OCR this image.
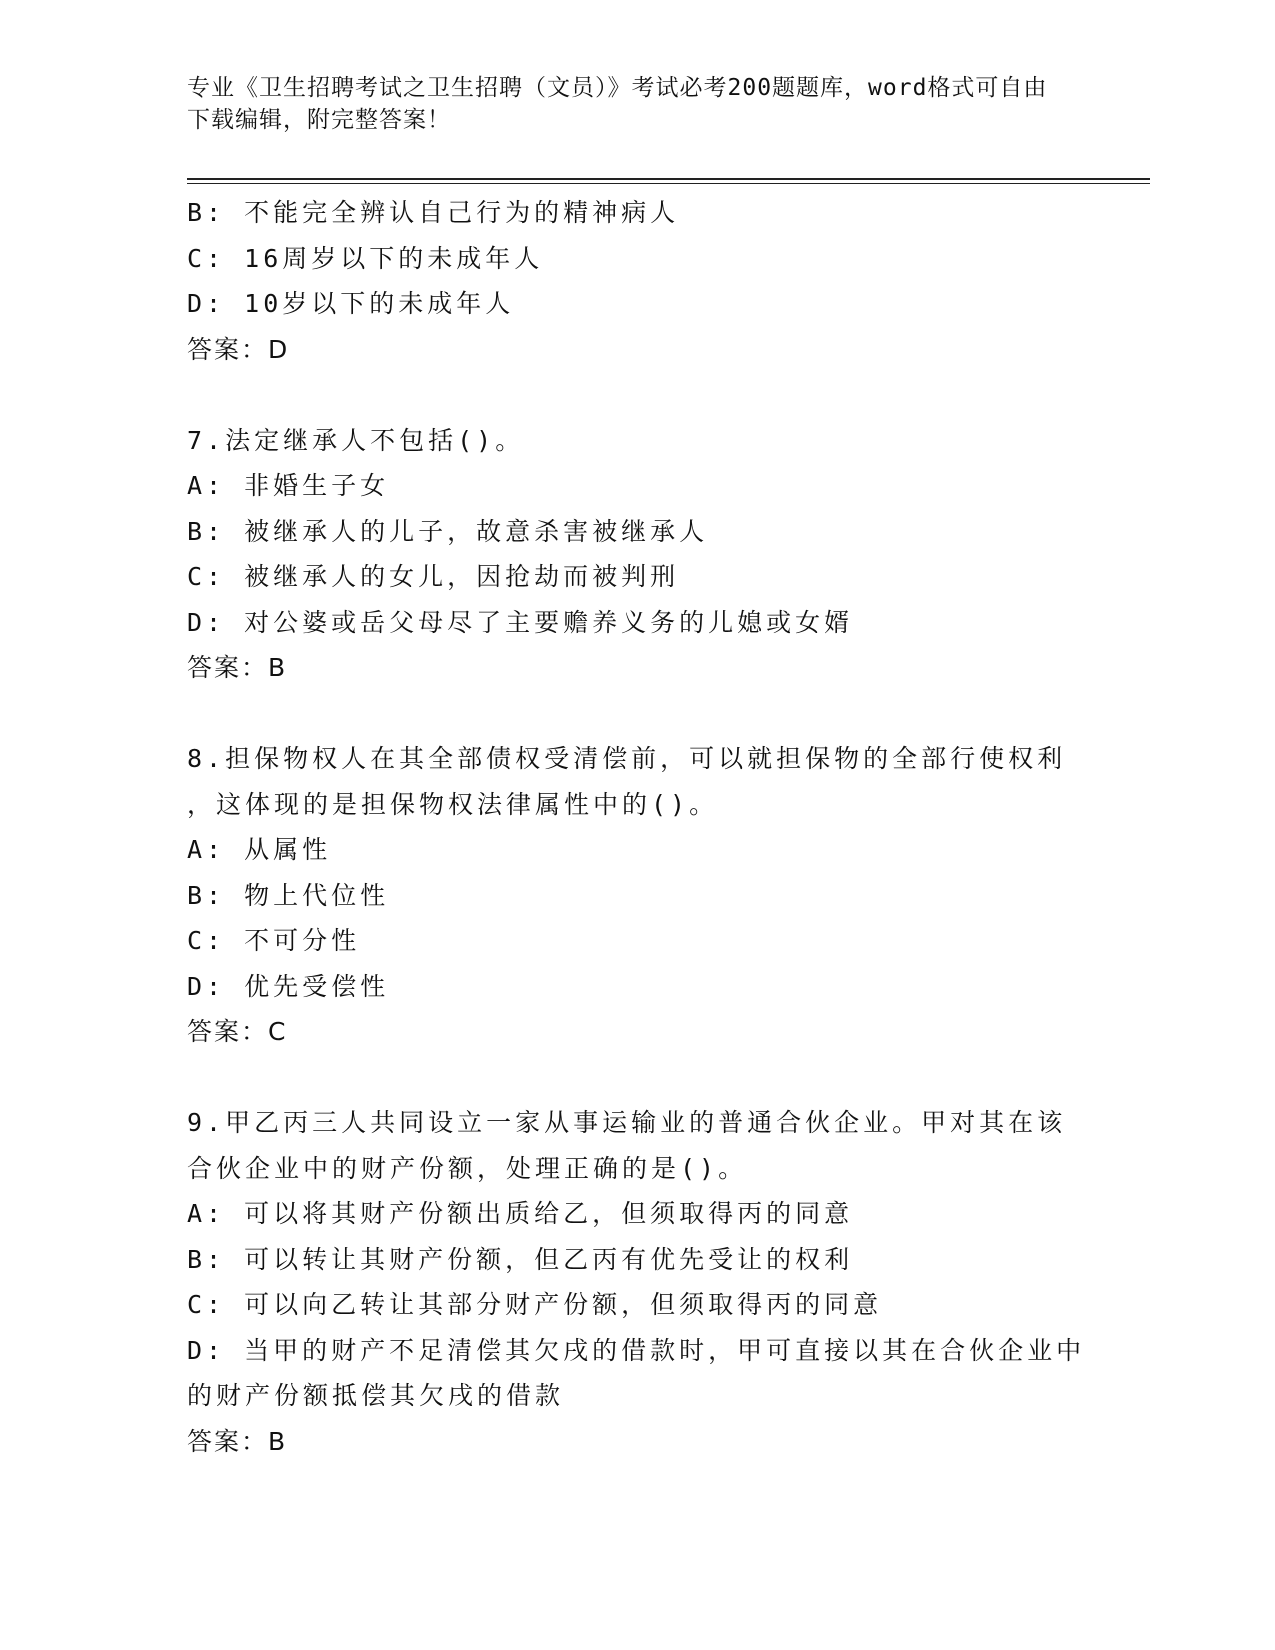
专业《卫生招聘考试之卫生招聘（文员）》考试必考200题题库，word格式可自由下载编辑，附完整答案！
B: 不能完全辨认自己行为的精神病人
C: 16周岁以下的未成年人
D: 10岁以下的未成年人
答案：D
7.法定继承人不包括()。
A: 非婚生子女
B: 被继承人的儿子，故意杀害被继承人
C: 被继承人的女儿，因抢劫而被判刑
D: 对公婆或岳父母尽了主要赡养义务的儿媳或女婿
答案：B
8.担保物权人在其全部债权受清偿前，可以就担保物的全部行使权利
，这体现的是担保物权法律属性中的()。
A: 从属性
B: 物上代位性
C: 不可分性
D: 优先受偿性
答案：C
9.甲乙丙三人共同设立一家从事运输业的普通合伙企业。甲对其在该
合伙企业中的财产份额，处理正确的是()。
A: 可以将其财产份额出质给乙，但须取得丙的同意
B: 可以转让其财产份额，但乙丙有优先受让的权利
C: 可以向乙转让其部分财产份额，但须取得丙的同意
D: 当甲的财产不足清偿其欠戌的借款时，甲可直接以其在合伙企业中
的财产份额抵偿其欠戌的借款
答案：B
